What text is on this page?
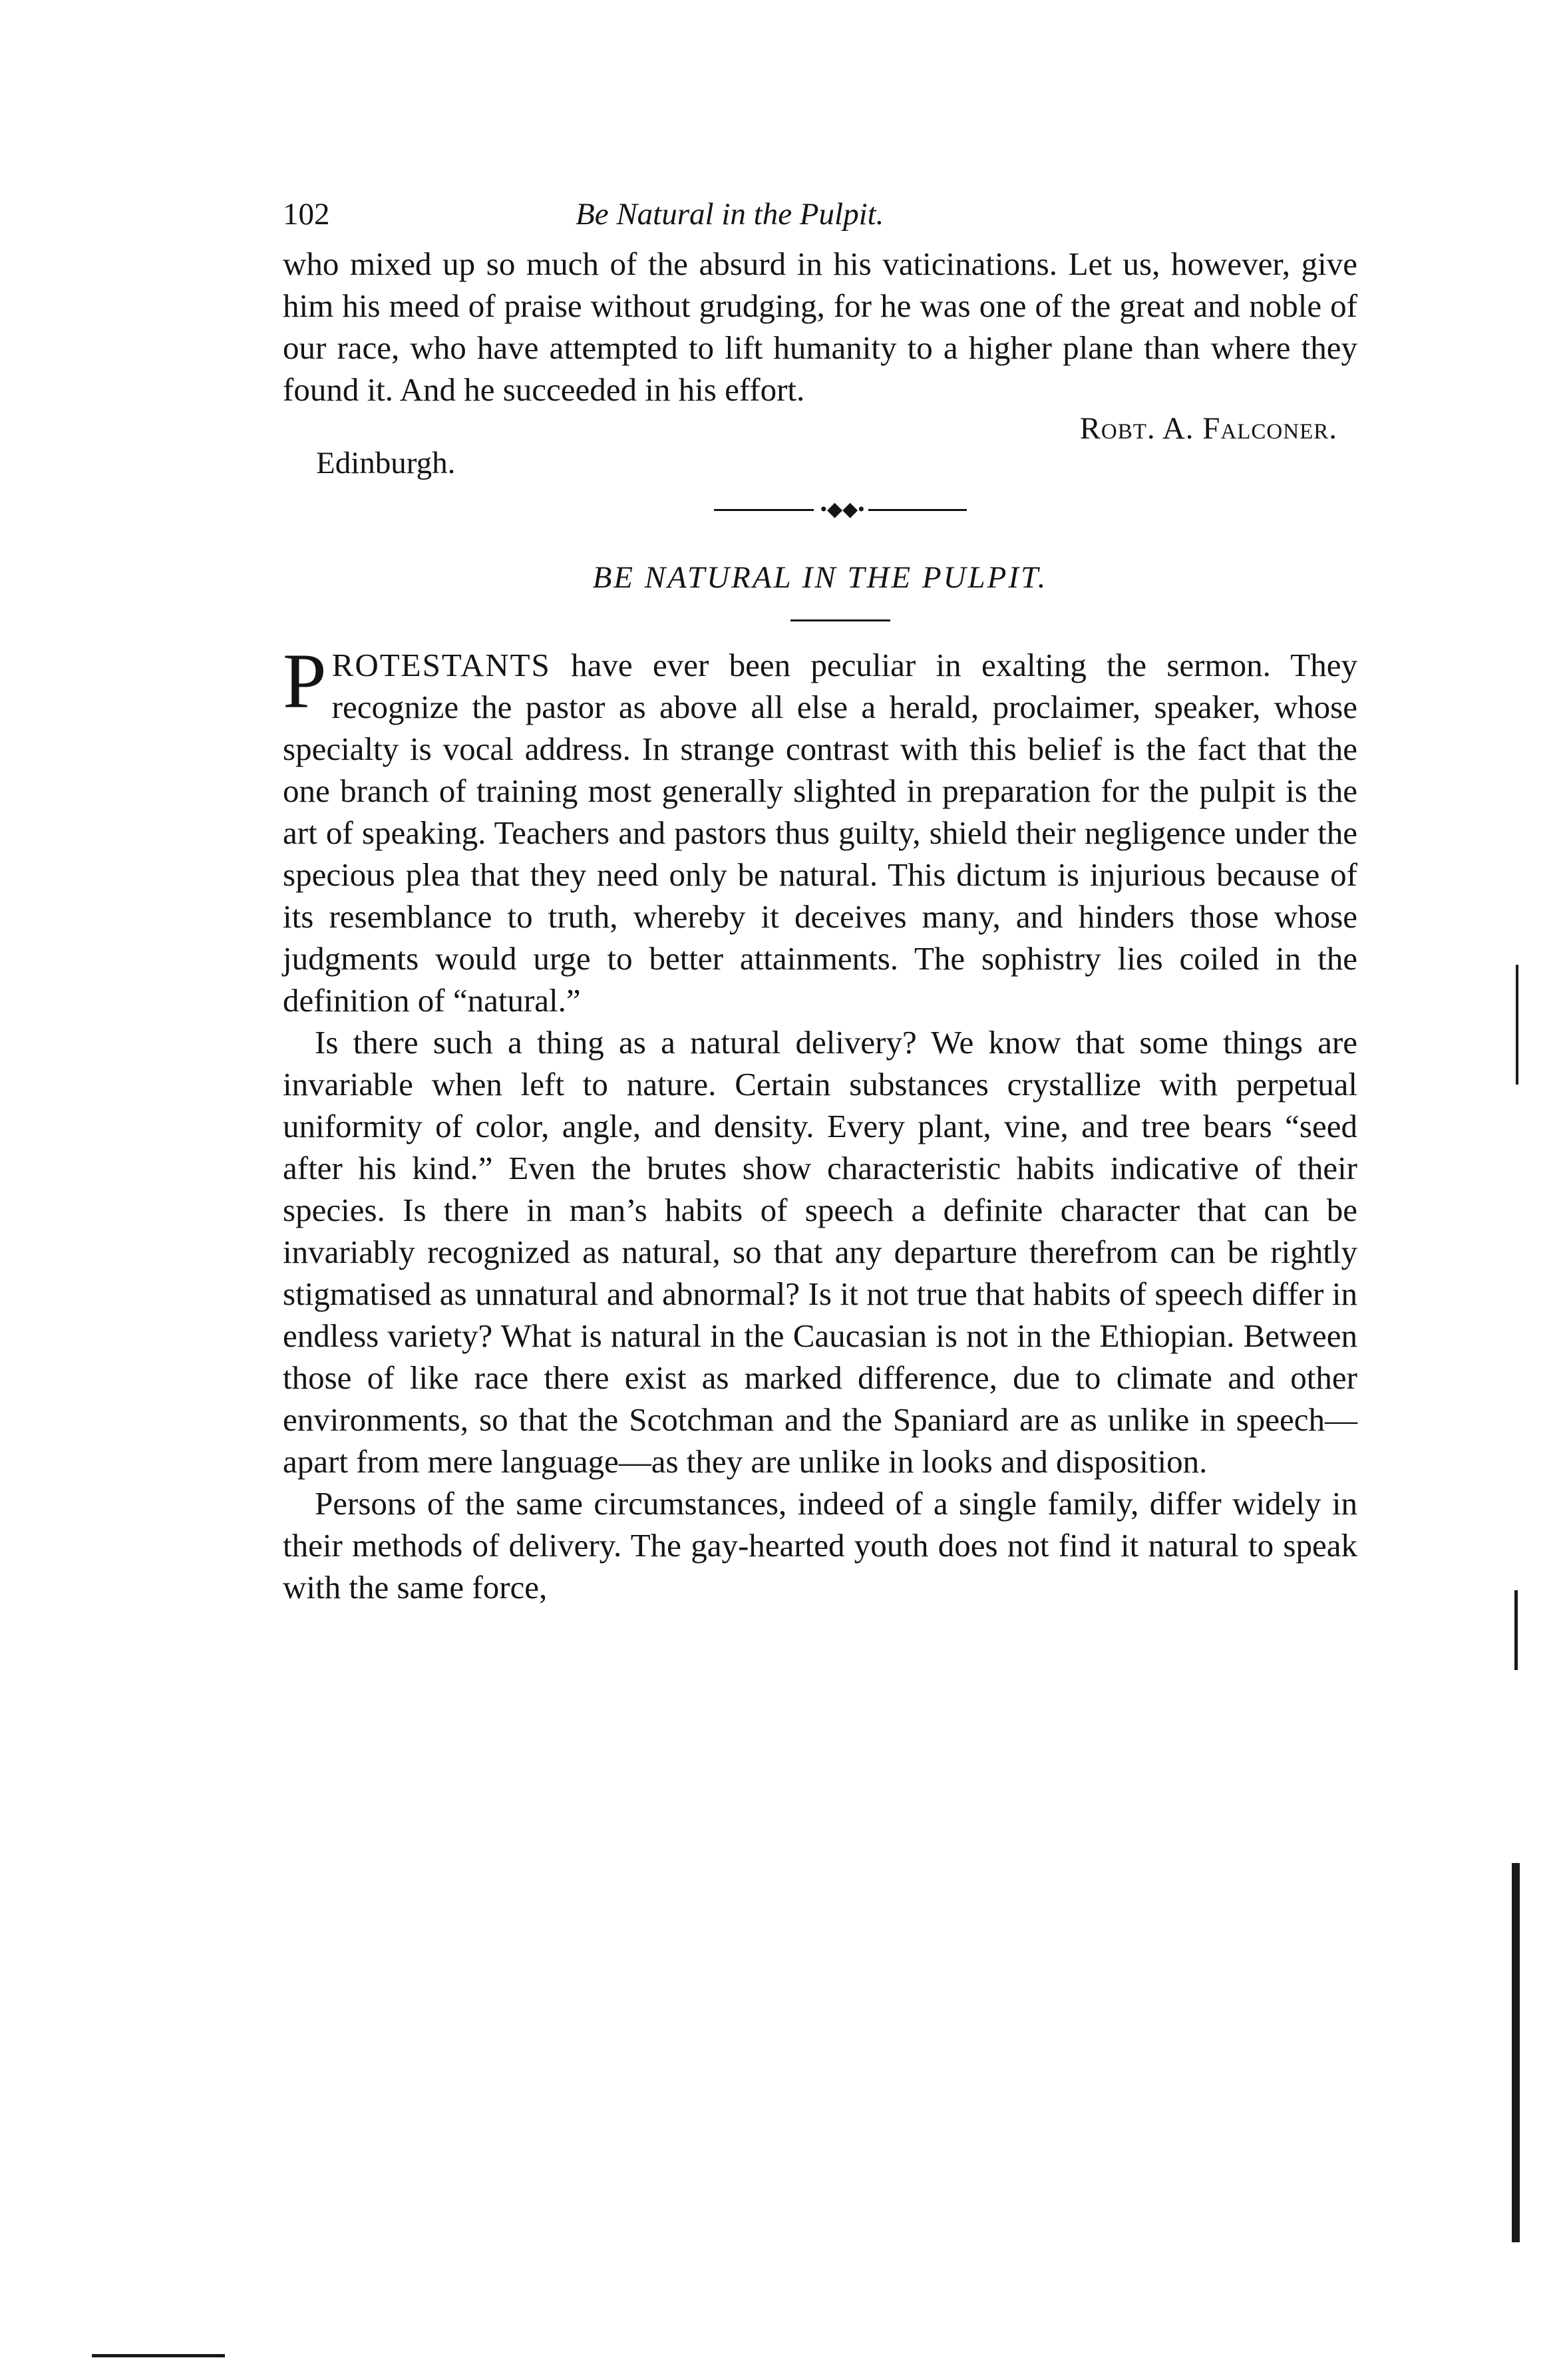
102	Be Natural in the Pulpit.

who mixed up so much of the absurd in his vaticinations. Let us, however, give him his meed of praise without grudging, for he was one of the great and noble of our race, who have attempted to lift humanity to a higher plane than where they found it. And he succeeded in his effort.

Robt. A. Falconer.
Edinburgh.
•◆◆•
BE NATURAL IN THE PULPIT.

PROTESTANTS have ever been peculiar in exalting the sermon. They recognize the pastor as above all else a herald, proclaimer, speaker, whose specialty is vocal address. In strange contrast with this belief is the fact that the one branch of training most generally slighted in preparation for the pulpit is the art of speaking. Teachers and pastors thus guilty, shield their negligence under the specious plea that they need only be natural. This dictum is injurious because of its resemblance to truth, whereby it deceives many, and hinders those whose judgments would urge to better attainments. The sophistry lies coiled in the definition of “natural.”

Is there such a thing as a natural delivery? We know that some things are invariable when left to nature. Certain substances crystallize with perpetual uniformity of color, angle, and density. Every plant, vine, and tree bears “seed after his kind.” Even the brutes show characteristic habits indicative of their species. Is there in man’s habits of speech a definite character that can be invariably recognized as natural, so that any departure therefrom can be rightly stigmatised as unnatural and abnormal? Is it not true that habits of speech differ in endless variety? What is natural in the Caucasian is not in the Ethiopian. Between those of like race there exist as marked difference, due to climate and other environments, so that the Scotchman and the Spaniard are as unlike in speech—apart from mere language—as they are unlike in looks and disposition.

Persons of the same circumstances, indeed of a single family, differ widely in their methods of delivery. The gay-hearted youth does not find it natural to speak with the same force,
